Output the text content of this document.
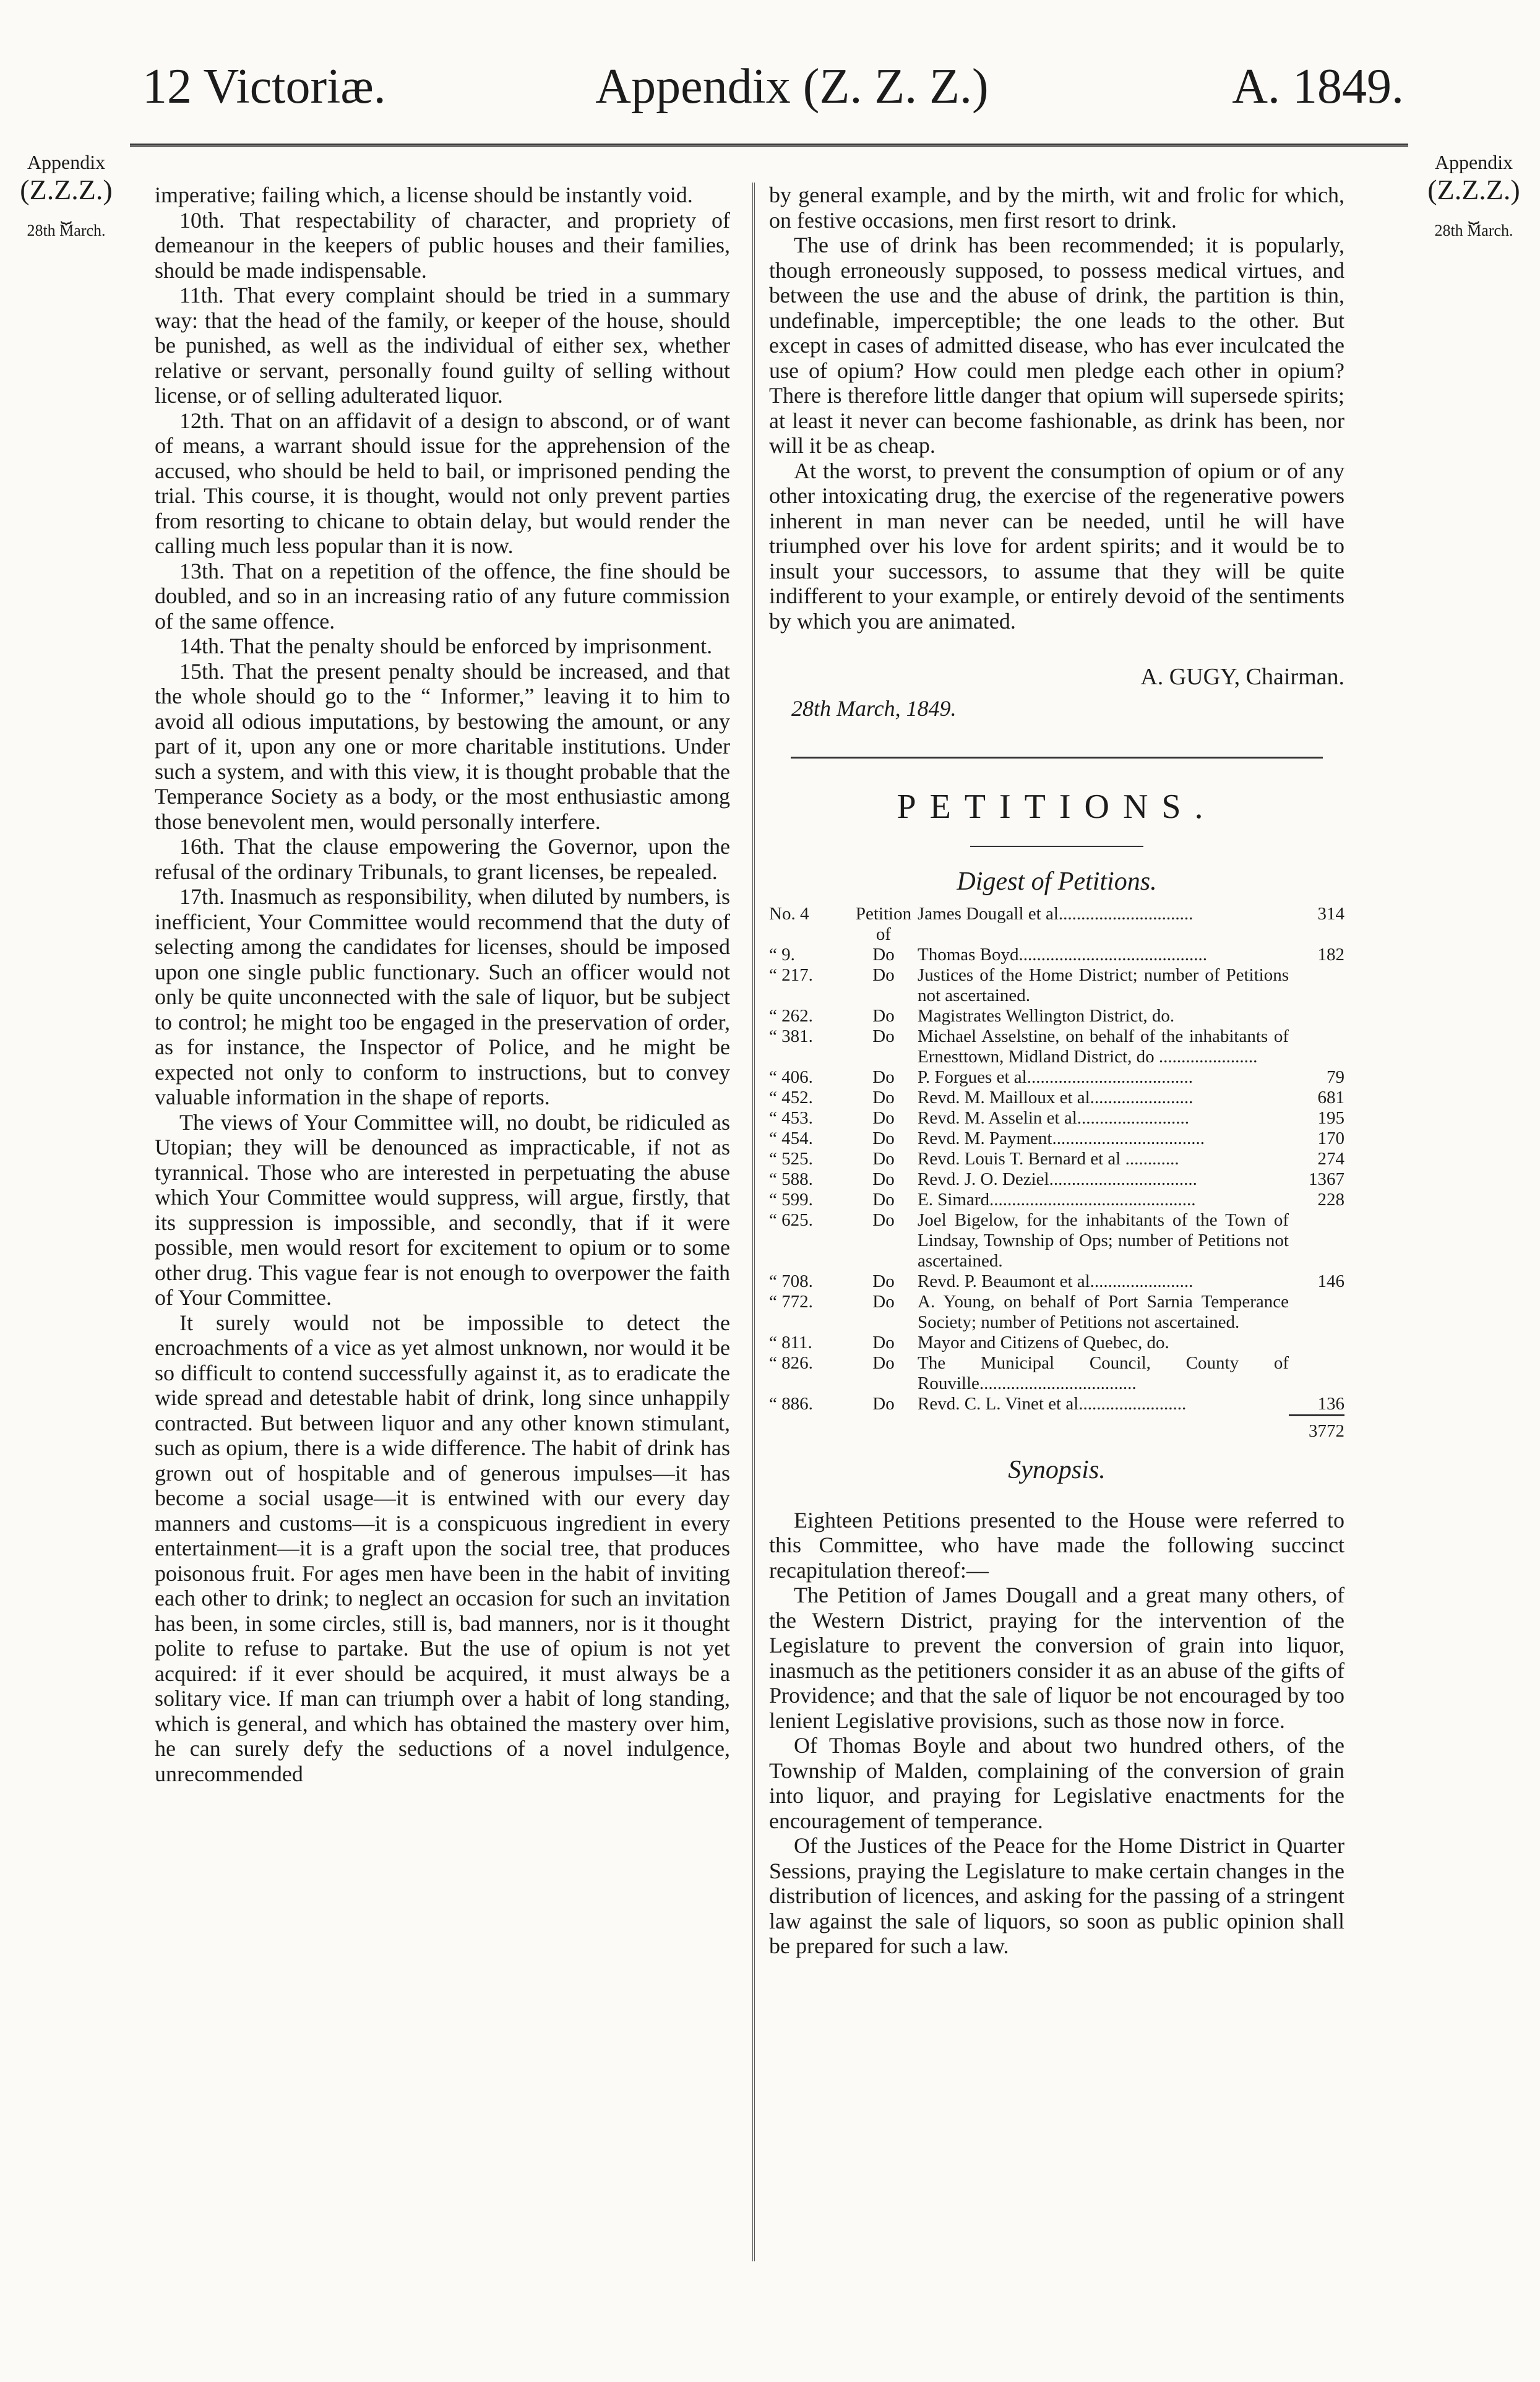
12 Victoriæ.	Appendix (Z. Z. Z.)	A. 1849.
Appendix
(Z.Z.Z.)
⏟
28th March.
Appendix
(Z.Z.Z.)
⏟
28th March.

imperative; failing which, a license should be instantly void.

10th. That respectability of character, and propriety of demeanour in the keepers of public houses and their families, should be made indispensable.

11th. That every complaint should be tried in a summary way: that the head of the family, or keeper of the house, should be punished, as well as the individual of either sex, whether relative or servant, personally found guilty of selling without license, or of selling adulterated liquor.

12th. That on an affidavit of a design to abscond, or of want of means, a warrant should issue for the apprehension of the accused, who should be held to bail, or imprisoned pending the trial. This course, it is thought, would not only prevent parties from resorting to chicane to obtain delay, but would render the calling much less popular than it is now.

13th. That on a repetition of the offence, the fine should be doubled, and so in an increasing ratio of any future commission of the same offence.

14th. That the penalty should be enforced by imprisonment.

15th. That the present penalty should be increased, and that the whole should go to the “ Informer,” leaving it to him to avoid all odious imputations, by bestowing the amount, or any part of it, upon any one or more charitable institutions. Under such a system, and with this view, it is thought probable that the Temperance Society as a body, or the most enthusiastic among those benevolent men, would personally interfere.

16th. That the clause empowering the Governor, upon the refusal of the ordinary Tribunals, to grant licenses, be repealed.

17th. Inasmuch as responsibility, when diluted by numbers, is inefficient, Your Committee would recommend that the duty of selecting among the candidates for licenses, should be imposed upon one single public functionary. Such an officer would not only be quite unconnected with the sale of liquor, but be subject to control; he might too be engaged in the preservation of order, as for instance, the Inspector of Police, and he might be expected not only to conform to instructions, but to convey valuable information in the shape of reports.

The views of Your Committee will, no doubt, be ridiculed as Utopian; they will be denounced as impracticable, if not as tyrannical. Those who are interested in perpetuating the abuse which Your Committee would suppress, will argue, firstly, that its suppression is impossible, and secondly, that if it were possible, men would resort for excitement to opium or to some other drug. This vague fear is not enough to overpower the faith of Your Committee.

It surely would not be impossible to detect the encroachments of a vice as yet almost unknown, nor would it be so difficult to contend successfully against it, as to eradicate the wide spread and detestable habit of drink, long since unhappily contracted. But between liquor and any other known stimulant, such as opium, there is a wide difference. The habit of drink has grown out of hospitable and of generous impulses—it has become a social usage—it is entwined with our every day manners and customs—it is a conspicuous ingredient in every entertainment—it is a graft upon the social tree, that produces poisonous fruit. For ages men have been in the habit of inviting each other to drink; to neglect an occasion for such an invitation has been, in some circles, still is, bad manners, nor is it thought polite to refuse to partake. But the use of opium is not yet acquired: if it ever should be acquired, it must always be a solitary vice. If man can triumph over a habit of long standing, which is general, and which has obtained the mastery over him, he can surely defy the seductions of a novel indulgence, unrecommended

by general example, and by the mirth, wit and frolic for which, on festive occasions, men first resort to drink.

The use of drink has been recommended; it is popularly, though erroneously supposed, to possess medical virtues, and between the use and the abuse of drink, the partition is thin, undefinable, imperceptible; the one leads to the other. But except in cases of admitted disease, who has ever inculcated the use of opium? How could men pledge each other in opium? There is therefore little danger that opium will supersede spirits; at least it never can become fashionable, as drink has been, nor will it be as cheap.

At the worst, to prevent the consumption of opium or of any other intoxicating drug, the exercise of the regenerative powers inherent in man never can be needed, until he will have triumphed over his love for ardent spirits; and it would be to insult your successors, to assume that they will be quite indifferent to your example, or entirely devoid of the sentiments by which you are animated.

A. GUGY, Chairman.
28th March, 1849.
PETITIONS.
Digest of Petitions.
No. 4	Petition of	James Dougall et al..............................	314
“ 9.	Do	Thomas Boyd..........................................	182
“ 217.	Do	Justices of the Home District; number of Petitions not ascertained.	
“ 262.	Do	Magistrates Wellington District, do.	
“ 381.	Do	Michael Asselstine, on behalf of the inhabitants of Ernesttown, Midland District, do ......................	
“ 406.	Do	P. Forgues et al.....................................	79
“ 452.	Do	Revd. M. Mailloux et al.......................	681
“ 453.	Do	Revd. M. Asselin et al.........................	195
“ 454.	Do	Revd. M. Payment..................................	170
“ 525.	Do	Revd. Louis T. Bernard et al ............	274
“ 588.	Do	Revd. J. O. Deziel.................................	1367
“ 599.	Do	E. Simard..............................................	228
“ 625.	Do	Joel Bigelow, for the inhabitants of the Town of Lindsay, Township of Ops; number of Petitions not ascertained.	
“ 708.	Do	Revd. P. Beaumont et al.......................	146
“ 772.	Do	A. Young, on behalf of Port Sarnia Temperance Society; number of Petitions not ascertained.	
“ 811.	Do	Mayor and Citizens of Quebec, do.	
“ 826.	Do	The Municipal Council, County of Rouville...................................	
“ 886.	Do	Revd. C. L. Vinet et al........................	136
			3772
Synopsis.

Eighteen Petitions presented to the House were referred to this Committee, who have made the following succinct recapitulation thereof:—

The Petition of James Dougall and a great many others, of the Western District, praying for the intervention of the Legislature to prevent the conversion of grain into liquor, inasmuch as the petitioners consider it as an abuse of the gifts of Providence; and that the sale of liquor be not encouraged by too lenient Legislative provisions, such as those now in force.

Of Thomas Boyle and about two hundred others, of the Township of Malden, complaining of the conversion of grain into liquor, and praying for Legislative enactments for the encouragement of temperance.

Of the Justices of the Peace for the Home District in Quarter Sessions, praying the Legislature to make certain changes in the distribution of licences, and asking for the passing of a stringent law against the sale of liquors, so soon as public opinion shall be prepared for such a law.
